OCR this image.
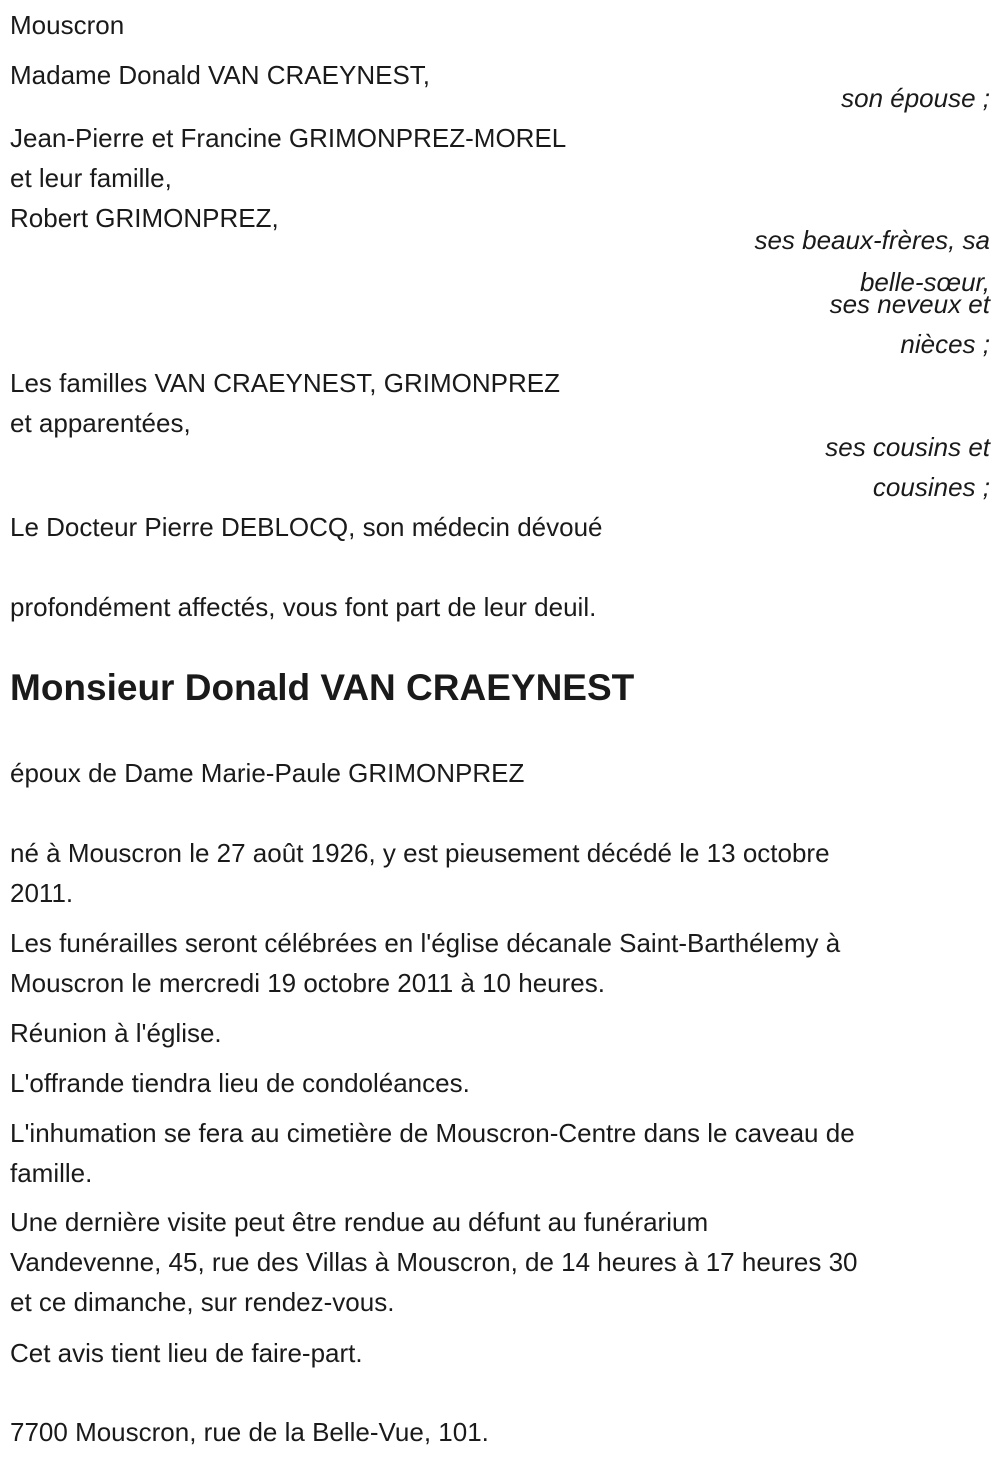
Mouscron
Madame Donald VAN CRAEYNEST,
son épouse ;
Jean-Pierre et Francine GRIMONPREZ-MOREL
et leur famille,
Robert GRIMONPREZ,
ses beaux-frères, sa
belle-sœur,
ses neveux et
nièces ;
Les familles VAN CRAEYNEST, GRIMONPREZ
et apparentées,
ses cousins et
cousines ;
Le Docteur Pierre DEBLOCQ, son médecin dévoué
profondément affectés, vous font part de leur deuil.
Monsieur Donald VAN CRAEYNEST
époux de Dame Marie-Paule GRIMONPREZ
né à Mouscron le 27 août 1926, y est pieusement décédé le 13 octobre
2011.
Les funérailles seront célébrées en l'église décanale Saint-Barthélemy à
Mouscron le mercredi 19 octobre 2011 à 10 heures.
Réunion à l'église.
L'offrande tiendra lieu de condoléances.
L'inhumation se fera au cimetière de Mouscron-Centre dans le caveau de
famille.
Une dernière visite peut être rendue au défunt au funérarium
Vandevenne, 45, rue des Villas à Mouscron, de 14 heures à 17 heures 30
et ce dimanche, sur rendez-vous.
Cet avis tient lieu de faire-part.
7700 Mouscron, rue de la Belle-Vue, 101.
